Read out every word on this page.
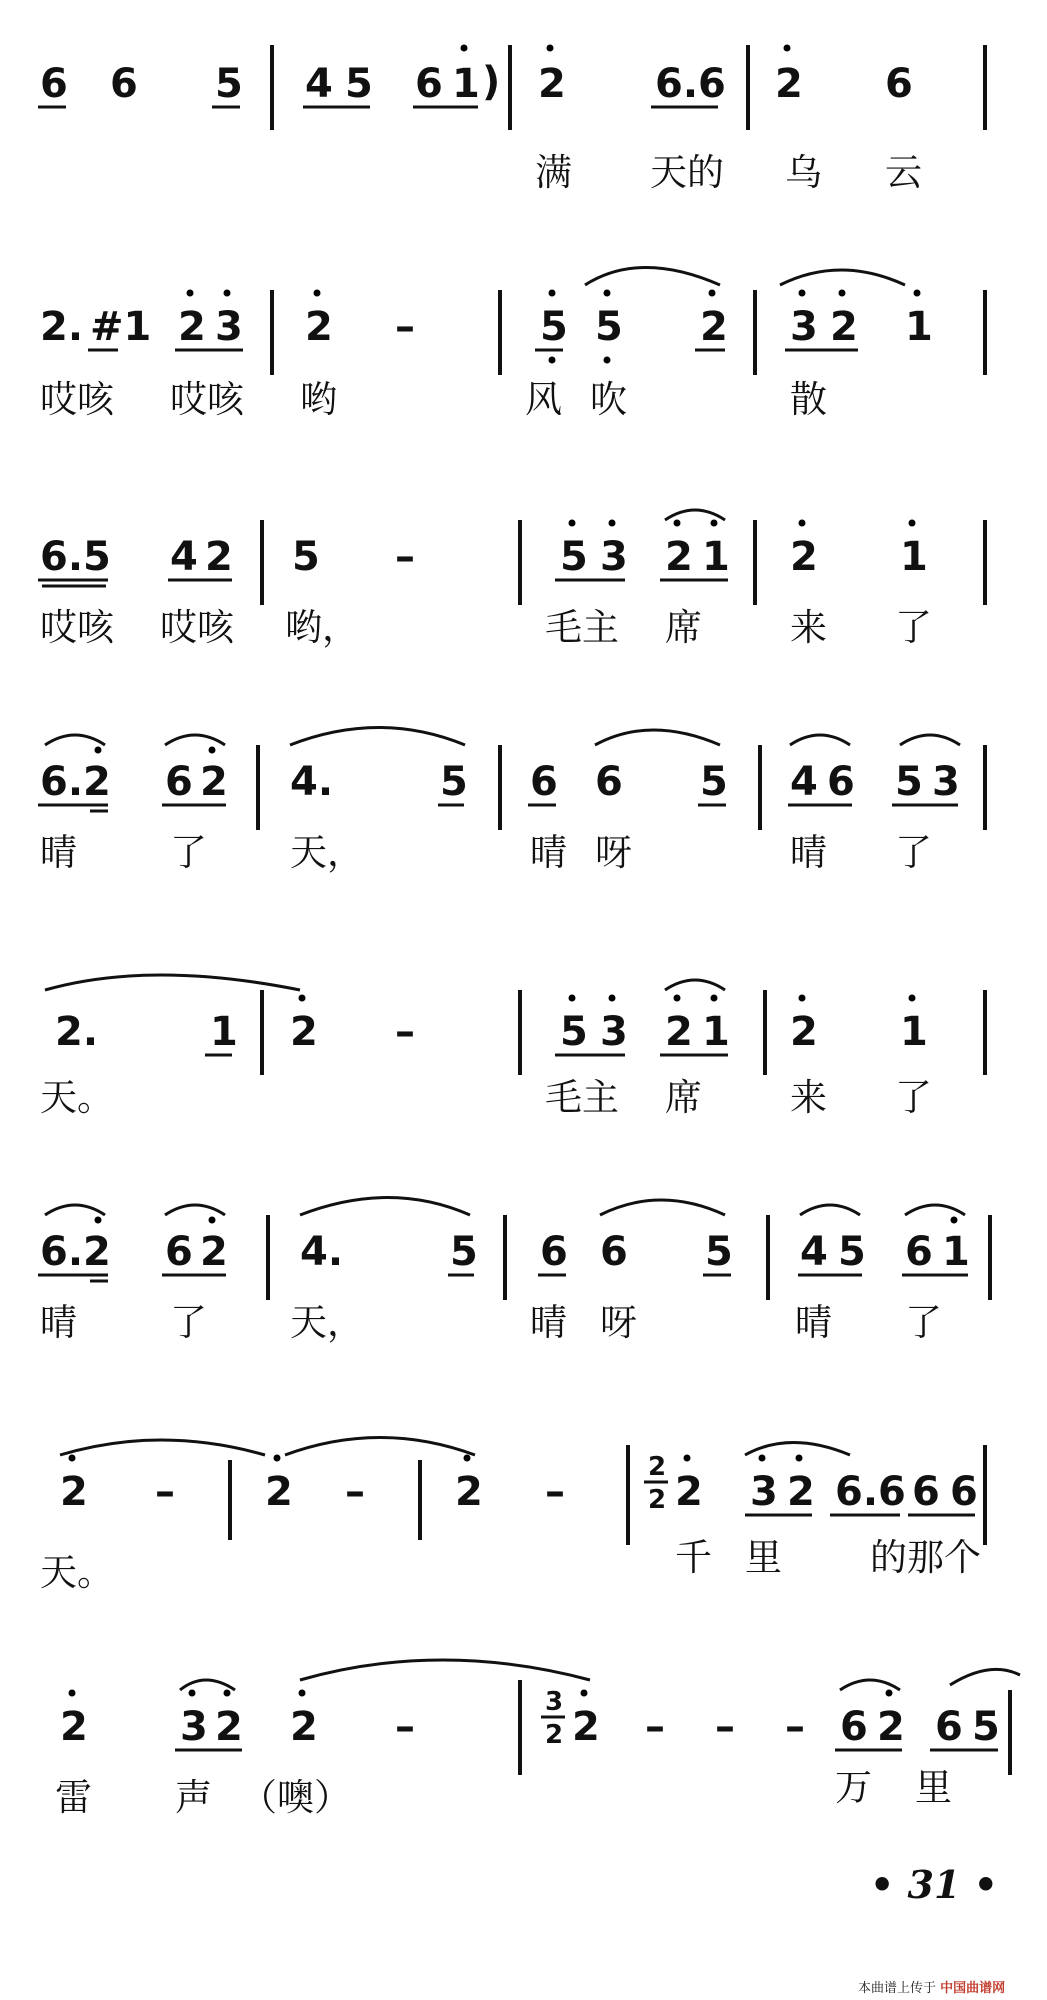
6 6 5 4 5 6 1 ) 2 6.6 2 6
满 天的 乌 云
2. #1 2 3 2 –	5 5 2 3 2 1
哎咳 哎咳 哟	风 吹	散
6.5 4 2 5 –	5 3 2 1 2 1
哎咳 哎咳 哟，	毛主 席 来 了
6.2 6 2 4.	5 6 6 5 4 6 5 3
晴	了 天，	晴 呀	晴 了
2.	1 2 –	5 3 2 1 2 1
天。	毛主 席 来 了
6.2 6 2 4.	5 6 6 5 4 5 6 1
晴	了 天，	晴 呀	晴 了
2 – 2 – 2 –
2
2 2 3 2 6.6 6 6
天。	千 里 的那个
2 3 2 2 –
3
2 2 – – – 6 2 6 5
雷 声 （噢）	万 里
• 31 •
本曲谱上传于 中国曲谱网
